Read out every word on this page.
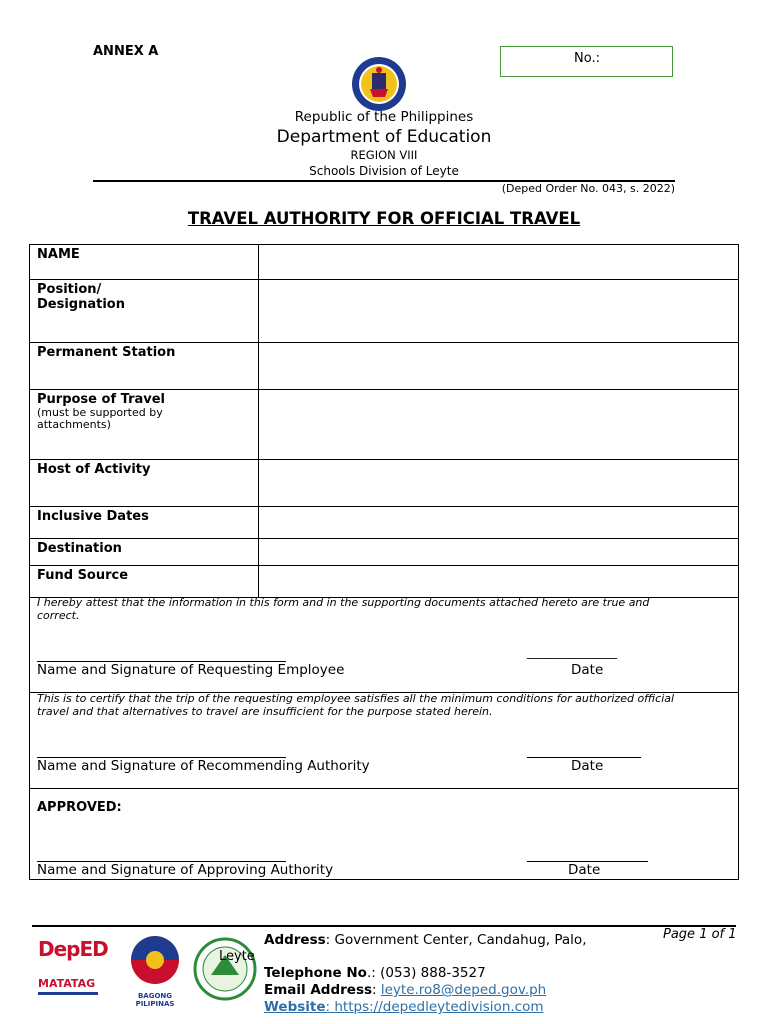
ANNEX A	No.:
Republic of the Philippines
Department of Education
REGION VIII
Schools Division of Leyte
(Deped Order No. 043, s. 2022)
TRAVEL AUTHORITY FOR OFFICIAL TRAVEL
NAME	

Position/
Designation	

Permanent Station	

Purpose of Travel
(must be supported by attachments)	

Host of Activity	
Inclusive Dates	
Destination	
Fund Source	
I hereby attest that the information in this form and in the supporting documents attached hereto are true and correct.
Name and Signature of Requesting Employee
_______________
Date
This is to certify that the trip of the requesting employee satisfies all the minimum conditions for authorized official travel and that alternatives to travel are insufficient for the purpose stated herein.
Name and Signature of Recommending Authority	Date
APPROVED:
Name and Signature of Approving Authority	Date
DepED
MATATAG
BAGONG PILIPINAS
Leyte
Address: Government Center, Candahug, Palo,
Telephone No.: (053) 888-3527
Email Address: leyte.ro8@deped.gov.ph
Website: https://depedleytedivision.com
Page 1 of 1
